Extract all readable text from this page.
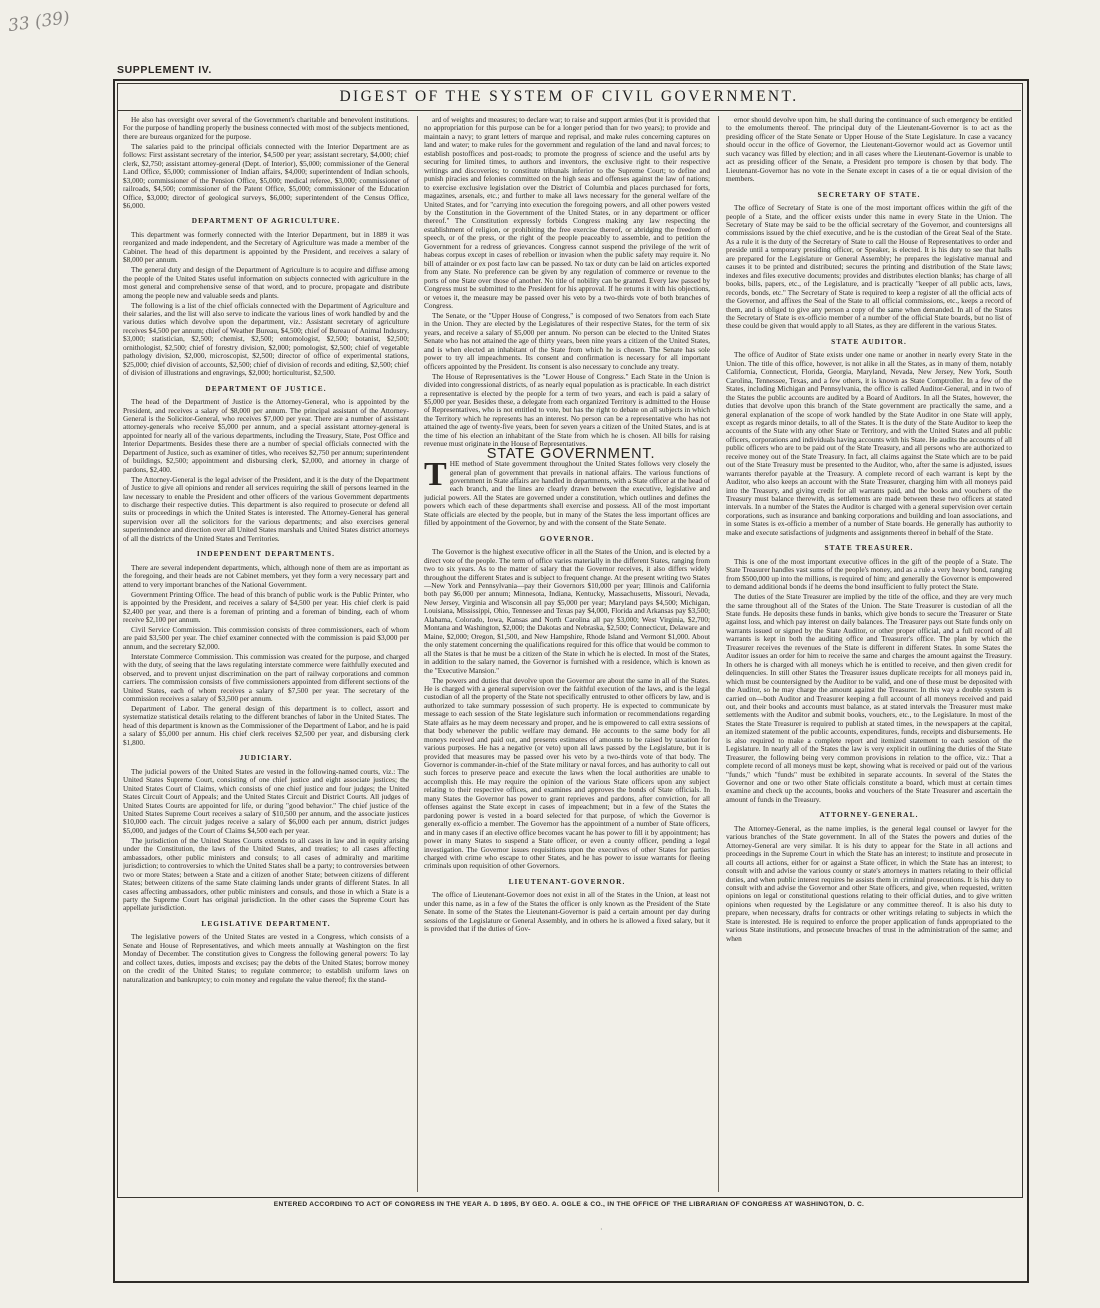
33 (39)
SUPPLEMENT IV.
DIGEST OF THE SYSTEM OF CIVIL GOVERNMENT.

He also has oversight over several of the Government's charitable and benevolent institutions. For the purpose of handling properly the business connected with most of the subjects mentioned, there are bureaus organized for the purpose.

The salaries paid to the principal officials connected with the Interior Department are as follows: First assistant secretary of the interior, $4,500 per year; assistant secretary, $4,000; chief clerk, $2,750; assistant attorney-general (Dept. of Interior), $5,000; commissioner of the General Land Office, $5,000; commissioner of Indian affairs, $4,000; superintendent of Indian schools, $3,000; commissioner of the Pension Office, $5,000; medical referee, $3,000; commissioner of railroads, $4,500; commissioner of the Patent Office, $5,000; commissioner of the Education Office, $3,000; director of geological surveys, $6,000; superintendent of the Census Office, $6,000.

DEPARTMENT OF AGRICULTURE.

This department was formerly connected with the Interior Department, but in 1889 it was reorganized and made independent, and the Secretary of Agriculture was made a member of the Cabinet. The head of this department is appointed by the President, and receives a salary of $8,000 per annum.

The general duty and design of the Department of Agriculture is to acquire and diffuse among the people of the United States useful information on subjects connected with agriculture in the most general and comprehensive sense of that word, and to procure, propagate and distribute among the people new and valuable seeds and plants.

The following is a list of the chief officials connected with the Department of Agriculture and their salaries, and the list will also serve to indicate the various lines of work handled by and the various duties which devolve upon the department, viz.: Assistant secretary of agriculture receives $4,500 per annum; chief of Weather Bureau, $4,500; chief of Bureau of Animal Industry, $3,000; statistician, $2,500; chemist, $2,500; entomologist, $2,500; botanist, $2,500; ornithologist, $2,500; chief of forestry division, $2,000; pomologist, $2,500; chief of vegetable pathology division, $2,000, microscopist, $2,500; director of office of experimental stations, $25,000; chief division of accounts, $2,500; chief of division of records and editing, $2,500; chief of division of illustrations and engravings, $2,000; horticulturist, $2,500.

DEPARTMENT OF JUSTICE.

The head of the Department of Justice is the Attorney-General, who is appointed by the President, and receives a salary of $8,000 per annum. The principal assistant of the Attorney-General is the Solicitor-General, who receives $7,000 per year. There are a number of assistant attorney-generals who receive $5,000 per annum, and a special assistant attorney-general is appointed for nearly all of the various departments, including the Treasury, State, Post Office and Interior Departments. Besides these there are a number of special officials connected with the Department of Justice, such as examiner of titles, who receives $2,750 per annum; superintendent of buildings, $2,500; appointment and disbursing clerk, $2,000, and attorney in charge of pardons, $2,400.

The Attorney-General is the legal adviser of the President, and it is the duty of the Department of Justice to give all opinions and render all services requiring the skill of persons learned in the law necessary to enable the President and other officers of the various Government departments to discharge their respective duties. This department is also required to prosecute or defend all suits or proceedings in which the United States is interested. The Attorney-General has general supervision over all the solicitors for the various departments; and also exercises general superintendence and direction over all United States marshals and United States district attorneys of all the districts of the United States and Territories.

INDEPENDENT DEPARTMENTS.

There are several independent departments, which, although none of them are as important as the foregoing, and their heads are not Cabinet members, yet they form a very necessary part and attend to very important branches of the National Government.

Government Printing Office. The head of this branch of public work is the Public Printer, who is appointed by the President, and receives a salary of $4,500 per year. His chief clerk is paid $2,400 per year, and there is a foreman of printing and a foreman of binding, each of whom receive $2,100 per annum.

Civil Service Commission. This commission consists of three commissioners, each of whom are paid $3,500 per year. The chief examiner connected with the commission is paid $3,000 per annum, and the secretary $2,000.

Interstate Commerce Commission. This commission was created for the purpose, and charged with the duty, of seeing that the laws regulating interstate commerce were faithfully executed and observed, and to prevent unjust discrimination on the part of railway corporations and common carriers. The commission consists of five commissioners appointed from different sections of the United States, each of whom receives a salary of $7,500 per year. The secretary of the commission receives a salary of $3,500 per annum.

Department of Labor. The general design of this department is to collect, assort and systematize statistical details relating to the different branches of labor in the United States. The head of this department is known as the Commissioner of the Department of Labor, and he is paid a salary of $5,000 per annum. His chief clerk receives $2,500 per year, and disbursing clerk $1,800.

JUDICIARY.

The judicial powers of the United States are vested in the following-named courts, viz.: The United States Supreme Court, consisting of one chief justice and eight associate justices; the United States Court of Claims, which consists of one chief justice and four judges; the United States Circuit Court of Appeals; and the United States Circuit and District Courts. All judges of United States Courts are appointed for life, or during "good behavior." The chief justice of the United States Supreme Court receives a salary of $10,500 per annum, and the associate justices $10,000 each. The circuit judges receive a salary of $6,000 each per annum, district judges $5,000, and judges of the Court of Claims $4,500 each per year.

The jurisdiction of the United States Courts extends to all cases in law and in equity arising under the Constitution, the laws of the United States, and treaties; to all cases affecting ambassadors, other public ministers and consuls; to all cases of admiralty and maritime jurisdiction; to controversies to which the United States shall be a party; to controversies between two or more States; between a State and a citizen of another State; between citizens of different States; between citizens of the same State claiming lands under grants of different States. In all cases affecting ambassadors, other public ministers and consuls, and those in which a State is a party the Supreme Court has original jurisdiction. In the other cases the Supreme Court has appellate jurisdiction.

LEGISLATIVE DEPARTMENT.

The legislative powers of the United States are vested in a Congress, which consists of a Senate and House of Representatives, and which meets annually at Washington on the first Monday of December. The constitution gives to Congress the following general powers: To lay and collect taxes, duties, imposts and excises; pay the debts of the United States; borrow money on the credit of the United States; to regulate commerce; to establish uniform laws on naturalization and bankruptcy; to coin money and regulate the value thereof; fix the stand-

ard of weights and measures; to declare war; to raise and support armies (but it is provided that no appropriation for this purpose can be for a longer period than for two years); to provide and maintain a navy; to grant letters of marque and reprisal, and make rules concerning captures on land and water; to make rules for the government and regulation of the land and naval forces; to establish postoffices and post-roads; to promote the progress of science and the useful arts by securing for limited times, to authors and inventors, the exclusive right to their respective writings and discoveries; to constitute tribunals inferior to the Supreme Court; to define and punish piracies and felonies committed on the high seas and offenses against the law of nations; to exercise exclusive legislation over the District of Columbia and places purchased for forts, magazines, arsenals, etc.; and further to make all laws necessary for the general welfare of the United States, and for "carrying into execution the foregoing powers, and all other powers vested by the Constitution in the Government of the United States, or in any department or officer thereof." The Constitution expressly forbids Congress making any law respecting the establishment of religion, or prohibiting the free exercise thereof, or abridging the freedom of speech, or of the press, or the right of the people peaceably to assemble, and to petition the Government for a redress of grievances. Congress cannot suspend the privilege of the writ of habeas corpus except in cases of rebellion or invasion when the public safety may require it. No bill of attainder or ex post facto law can be passed. No tax or duty can be laid on articles exported from any State. No preference can be given by any regulation of commerce or revenue to the ports of one State over those of another. No title of nobility can be granted. Every law passed by Congress must be submitted to the President for his approval. If he returns it with his objections, or vetoes it, the measure may be passed over his veto by a two-thirds vote of both branches of Congress.

The Senate, or the "Upper House of Congress," is composed of two Senators from each State in the Union. They are elected by the Legislatures of their respective States, for the term of six years, and receive a salary of $5,000 per annum. No person can be elected to the United States Senate who has not attained the age of thirty years, been nine years a citizen of the United States, and is when elected an inhabitant of the State from which he is chosen. The Senate has sole power to try all impeachments. Its consent and confirmation is necessary for all important officers appointed by the President. Its consent is also necessary to conclude any treaty.

The House of Representatives is the "Lower House of Congress." Each State in the Union is divided into congressional districts, of as nearly equal population as is practicable. In each district a representative is elected by the people for a term of two years, and each is paid a salary of $5,000 per year. Besides these, a delegate from each organized Territory is admitted to the House of Representatives, who is not entitled to vote, but has the right to debate on all subjects in which the Territory which he represents has an interest. No person can be a representative who has not attained the age of twenty-five years, been for seven years a citizen of the United States, and is at the time of his election an inhabitant of the State from which he is chosen. All bills for raising revenue must originate in the House of Representatives.

STATE GOVERNMENT.

THE method of State government throughout the United States follows very closely the general plan of government that prevails in national affairs. The various functions of government in State affairs are handled in departments, with a State officer at the head of each branch, and the lines are clearly drawn between the executive, legislative and judicial powers. All the States are governed under a constitution, which outlines and defines the powers which each of these departments shall exercise and possess. All of the most important State officials are elected by the people, but in many of the States the less important offices are filled by appointment of the Governor, by and with the consent of the State Senate.

GOVERNOR.

The Governor is the highest executive officer in all the States of the Union, and is elected by a direct vote of the people. The term of office varies materially in the different States, ranging from two to six years. As to the matter of salary that the Governor receives, it also differs widely throughout the different States and is subject to frequent change. At the present writing two States—New York and Pennsylvania—pay their Governors $10,000 per year; Illinois and California both pay $6,000 per annum; Minnesota, Indiana, Kentucky, Massachusetts, Missouri, Nevada, New Jersey, Virginia and Wisconsin all pay $5,000 per year; Maryland pays $4,500; Michigan, Louisiana, Mississippi, Ohio, Tennessee and Texas pay $4,000, Florida and Arkansas pay $3,500; Alabama, Colorado, Iowa, Kansas and North Carolina all pay $3,000; West Virginia, $2,700; Montana and Washington, $2,000; the Dakotas and Nebraska, $2,500; Connecticut, Delaware and Maine, $2,000; Oregon, $1,500, and New Hampshire, Rhode Island and Vermont $1,000. About the only statement concerning the qualifications required for this office that would be common to all the States is that he must be a citizen of the State in which he is elected. In most of the States, in addition to the salary named, the Governor is furnished with a residence, which is known as the "Executive Mansion."

The powers and duties that devolve upon the Governor are about the same in all of the States. He is charged with a general supervision over the faithful execution of the laws, and is the legal custodian of all the property of the State not specifically entrusted to other officers by law, and is authorized to take summary possession of such property. He is expected to communicate by message to each session of the State legislature such information or recommendations regarding State affairs as he may deem necessary and proper, and he is empowered to call extra sessions of that body whenever the public welfare may demand. He accounts to the same body for all moneys received and paid out, and presents estimates of amounts to be raised by taxation for various purposes. He has a negative (or veto) upon all laws passed by the Legislature, but it is provided that measures may be passed over his veto by a two-thirds vote of that body. The Governor is commander-in-chief of the State military or naval forces, and has authority to call out such forces to preserve peace and execute the laws when the local authorities are unable to accomplish this. He may require the opinion of the various State officers upon any subject relating to their respective offices, and examines and approves the bonds of State officials. In many States the Governor has power to grant reprieves and pardons, after conviction, for all offenses against the State except in cases of impeachment; but in a few of the States the pardoning power is vested in a board selected for that purpose, of which the Governor is generally ex-officio a member. The Governor has the appointment of a number of State officers, and in many cases if an elective office becomes vacant he has power to fill it by appointment; has power in many States to suspend a State officer, or even a county officer, pending a legal investigation. The Governor issues requisitions upon the executives of other States for parties charged with crime who escape to other States, and he has power to issue warrants for fleeing criminals upon requisition of other Governors.

LIEUTENANT-GOVERNOR.

The office of Lieutenant-Governor does not exist in all of the States in the Union, at least not under this name, as in a few of the States the officer is only known as the President of the State Senate. In some of the States the Lieutenant-Governor is paid a certain amount per day during sessions of the Legislature or General Assembly, and in others he is allowed a fixed salary, but it is provided that if the duties of Gov-

ernor should devolve upon him, he shall during the continuance of such emergency be entitled to the emoluments thereof. The principal duty of the Lieutenant-Governor is to act as the presiding officer of the State Senate or Upper House of the State Legislature. In case a vacancy should occur in the office of Governor, the Lieutenant-Governor would act as Governor until such vacancy was filled by election; and in all cases where the Lieutenant-Governor is unable to act as presiding officer of the Senate, a President pro tempore is chosen by that body. The Lieutenant-Governor has no vote in the Senate except in cases of a tie or equal division of the members.

SECRETARY OF STATE.

The office of Secretary of State is one of the most important offices within the gift of the people of a State, and the officer exists under this name in every State in the Union. The Secretary of State may be said to be the official secretary of the Governor, and countersigns all commissions issued by the chief executive, and he is the custodian of the Great Seal of the State. As a rule it is the duty of the Secretary of State to call the House of Representatives to order and preside until a temporary presiding officer, or Speaker, is elected. It is his duty to see that halls are prepared for the Legislature or General Assembly; he prepares the legislative manual and causes it to be printed and distributed; secures the printing and distribution of the State laws; indexes and files executive documents; provides and distributes election blanks; has charge of all books, bills, papers, etc., of the Legislature, and is practically "keeper of all public acts, laws, records, bonds, etc." The Secretary of State is required to keep a register of all the official acts of the Governor, and affixes the Seal of the State to all official commissions, etc., keeps a record of them, and is obliged to give any person a copy of the same when demanded. In all of the States the Secretary of State is ex-officio member of a number of the official State boards, but no list of these could be given that would apply to all States, as they are different in the various States.

STATE AUDITOR.

The office of Auditor of State exists under one name or another in nearly every State in the Union. The title of this office, however, is not alike in all the States, as in many of them, notably California, Connecticut, Florida, Georgia, Maryland, Nevada, New Jersey, New York, South Carolina, Tennessee, Texas, and a few others, it is known as State Comptroller. In a few of the States, including Michigan and Pennsylvania, the office is called Auditor-General, and in two of the States the public accounts are audited by a Board of Auditors. In all the States, however, the duties that devolve upon this branch of the State government are practically the same, and a general explanation of the scope of work handled by the State Auditor in one State will apply, except as regards minor details, to all of the States. It is the duty of the State Auditor to keep the accounts of the State with any other State or Territory, and with the United States and all public officers, corporations and individuals having accounts with his State. He audits the accounts of all public officers who are to be paid out of the State Treasury, and all persons who are authorized to receive money out of the State Treasury. In fact, all claims against the State which are to be paid out of the State Treasury must be presented to the Auditor, who, after the same is adjusted, issues warrants therefor payable at the Treasury. A complete record of each warrant is kept by the Auditor, who also keeps an account with the State Treasurer, charging him with all moneys paid into the Treasury, and giving credit for all warrants paid, and the books and vouchers of the Treasury must balance therewith, as settlements are made between these two officers at stated intervals. In a number of the States the Auditor is charged with a general supervision over certain corporations, such as insurance and banking corporations and building and loan associations, and in some States is ex-officio a member of a number of State boards. He generally has authority to make and execute satisfactions of judgments and assignments thereof in behalf of the State.

STATE TREASURER.

This is one of the most important executive offices in the gift of the people of a State. The State Treasurer handles vast sums of the people's money, and as a rule a very heavy bond, ranging from $500,000 up into the millions, is required of him; and generally the Governor is empowered to demand additional bonds if he deems the bond insufficient to fully protect the State.

The duties of the State Treasurer are implied by the title of the office, and they are very much the same throughout all of the States of the Union. The State Treasurer is custodian of all the State funds. He deposits these funds in banks, which give bonds to secure the Treasurer or State against loss, and which pay interest on daily balances. The Treasurer pays out State funds only on warrants issued or signed by the State Auditor, or other proper official, and a full record of all warrants is kept in both the auditing office and Treasurer's office. The plan by which the Treasurer receives the revenues of the State is different in different States. In some States the Auditor issues an order for him to receive the same and charges the amount against the Treasury. In others he is charged with all moneys which he is entitled to receive, and then given credit for delinquencies. In still other States the Treasurer issues duplicate receipts for all moneys paid in, which must be countersigned by the Auditor to be valid, and one of these must be deposited with the Auditor, so he may charge the amount against the Treasurer. In this way a double system is carried on—both Auditor and Treasurer keeping a full account of all moneys received and paid out, and their books and accounts must balance, as at stated intervals the Treasurer must make settlements with the Auditor and submit books, vouchers, etc., to the Legislature. In most of the States the State Treasurer is required to publish at stated times, in the newspapers at the capital, an itemized statement of the public accounts, expenditures, funds, receipts and disbursements. He is also required to make a complete report and itemized statement to each session of the Legislature. In nearly all of the States the law is very explicit in outlining the duties of the State Treasurer, the following being very common provisions in relation to the office, viz.: That a complete record of all moneys must be kept, showing what is received or paid out of the various "funds," which "funds" must be exhibited in separate accounts. In several of the States the Governor and one or two other State officials constitute a board, which must at certain times examine and check up the accounts, books and vouchers of the State Treasurer and ascertain the amount of funds in the Treasury.

ATTORNEY-GENERAL.

The Attorney-General, as the name implies, is the general legal counsel or lawyer for the various branches of the State government. In all of the States the powers and duties of the Attorney-General are very similar. It is his duty to appear for the State in all actions and proceedings in the Supreme Court in which the State has an interest; to institute and prosecute in all courts all actions, either for or against a State officer, in which the State has an interest; to consult with and advise the various county or state's attorneys in matters relating to their official duties, and when public interest requires he assists them in criminal prosecutions. It is his duty to consult with and advise the Governor and other State officers, and give, when requested, written opinions on legal or constitutional questions relating to their official duties, and to give written opinions when requested by the Legislature or any committee thereof. It is also his duty to prepare, when necessary, drafts for contracts or other writings relating to subjects in which the State is interested. He is required to enforce the proper application of funds appropriated to the various State institutions, and prosecute breaches of trust in the administration of the same; and when

ENTERED ACCORDING TO ACT OF CONGRESS IN THE YEAR A. D 1895, BY GEO. A. OGLE & CO., IN THE OFFICE OF THE LIBRARIAN OF CONGRESS AT WASHINGTON, D. C.
·
